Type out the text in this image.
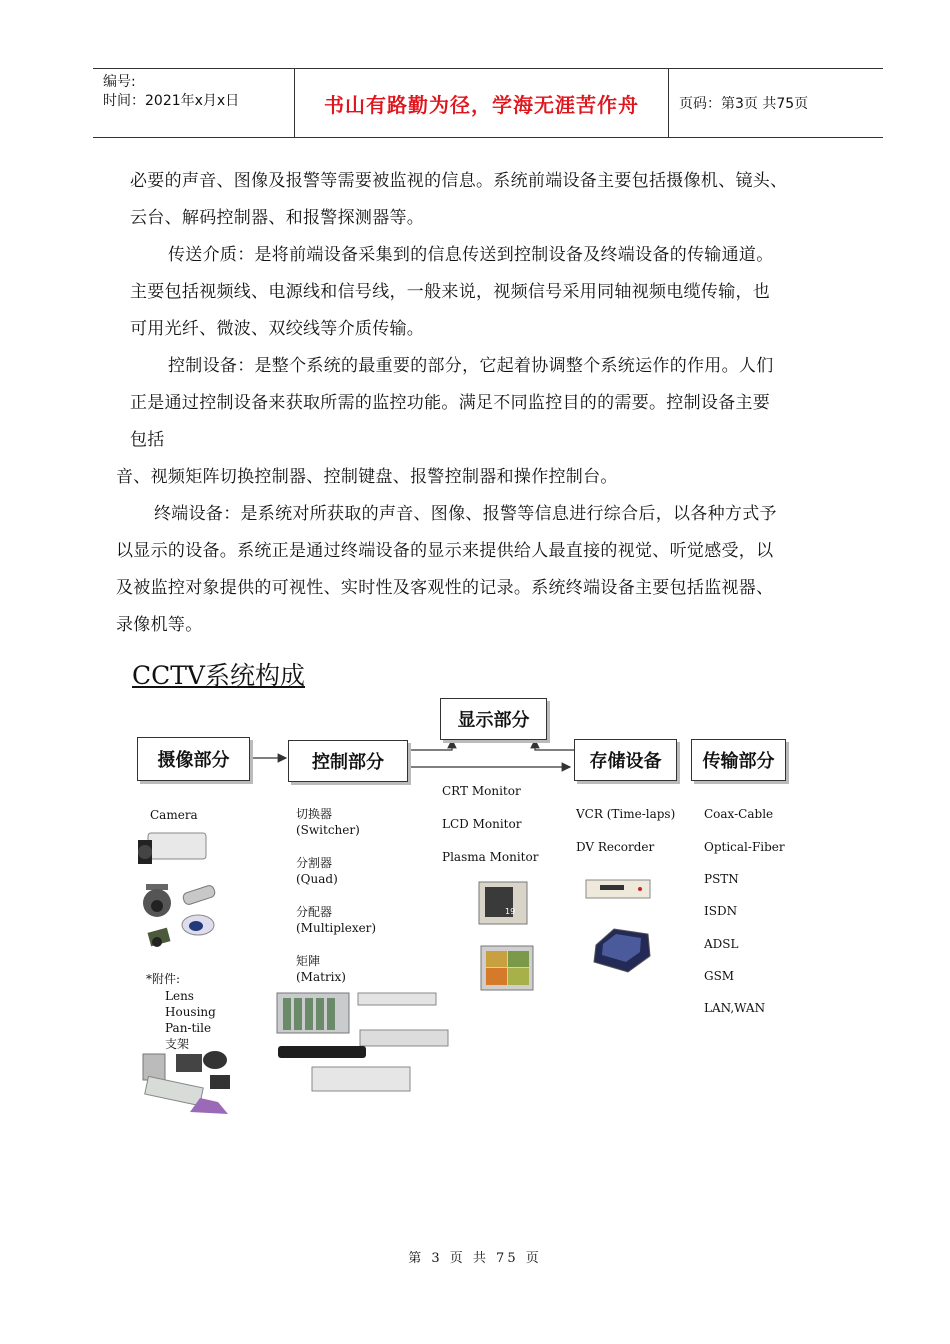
编号:
时间：2021年x月x日	书山有路勤为径，学海无涯苦作舟	页码：第3页 共75页
必要的声音、图像及报警等需要被监视的信息。系统前端设备主要包括摄像机、镜头、
云台、解码控制器、和报警探测器等。
传送介质：是将前端设备采集到的信息传送到控制设备及终端设备的传输通道。
主要包括视频线、电源线和信号线，一般来说，视频信号采用同轴视频电缆传输，也
可用光纤、微波、双绞线等介质传输。
控制设备：是整个系统的最重要的部分，它起着协调整个系统运作的作用。人们
正是通过控制设备来获取所需的监控功能。满足不同监控目的的需要。控制设备主要
包括
音、视频矩阵切换控制器、控制键盘、报警控制器和操作控制台。
终端设备：是系统对所获取的声音、图像、报警等信息进行综合后，以各种方式予
以显示的设备。系统正是通过终端设备的显示来提供给人最直接的视觉、听觉感受，以
及被监控对象提供的可视性、实时性及客观性的记录。系统终端设备主要包括监视器、
录像机等。
CCTV系统构成
摄像部分	控制部分
显示部分
存储设备	传输部分
Camera
*附件:
Lens
Housing
Pan-tile
支架
切换器
(Switcher)
分割器
(Quad)
分配器
(Multiplexer)
矩陣
(Matrix)
CRT Monitor
LCD Monitor
Plasma Monitor
19
VCR (Time-laps)
DV Recorder
Coax-Cable
Optical-Fiber
PSTN
ISDN
ADSL
GSM
LAN,WAN
第 3 页 共 75 页
